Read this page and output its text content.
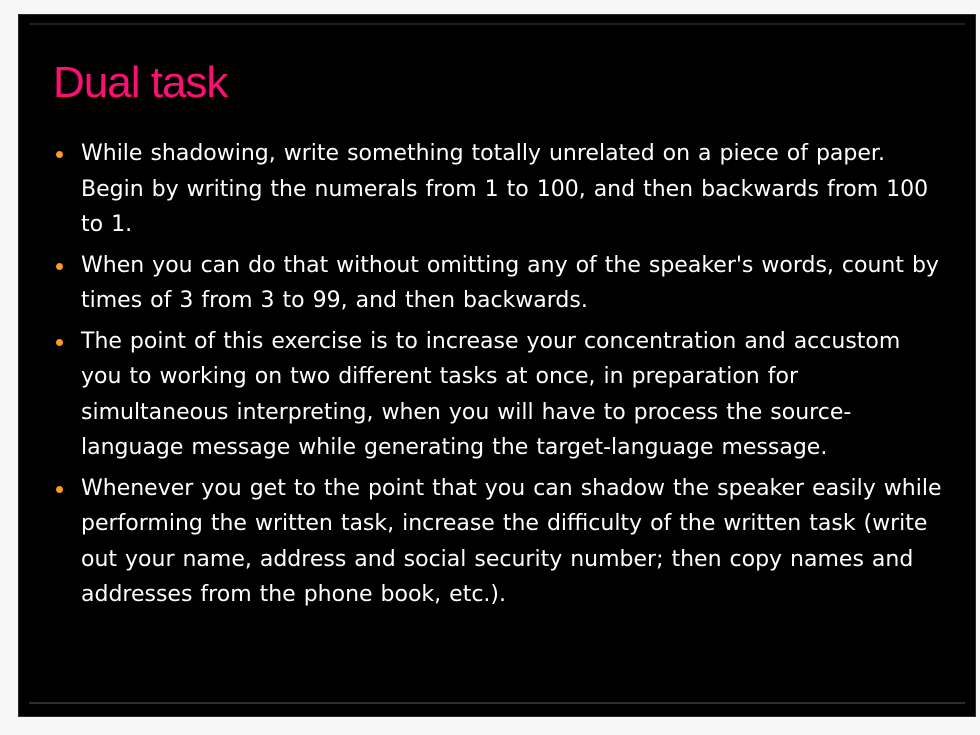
Dual task
While shadowing, write something totally unrelated on a piece of paper. Begin by writing the numerals from 1 to 100, and then backwards from 100 to 1.
When you can do that without omitting any of the speaker's words, count by times of 3 from 3 to 99, and then backwards.
The point of this exercise is to increase your concentration and accustom you to working on two different tasks at once, in preparation for simultaneous interpreting, when you will have to process the source-language message while generating the target-language message.
Whenever you get to the point that you can shadow the speaker easily while performing the written task, increase the difficulty of the written task (write out your name, address and social security number; then copy names and addresses from the phone book, etc.).
